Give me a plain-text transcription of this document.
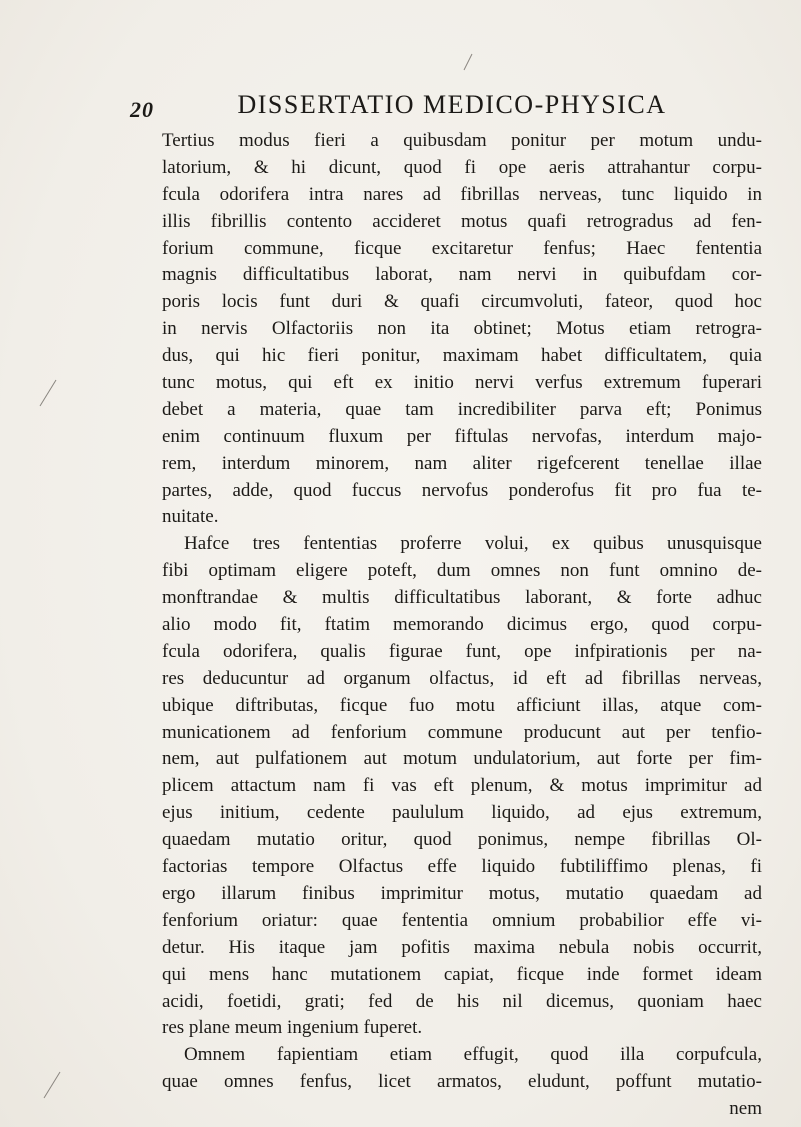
20	DISSERTATIO MEDICO-PHYSICA
Tertius modus fieri a quibusdam ponitur per motum undu-
latorium, & hi dicunt, quod fi ope aeris attrahantur corpu-
fcula odorifera intra nares ad fibrillas nerveas, tunc liquido in
illis fibrillis contento accideret motus quafi retrogradus ad fen-
forium commune, ficque excitaretur fenfus; Haec fententia
magnis difficultatibus laborat, nam nervi in quibufdam cor-
poris locis funt duri & quafi circumvoluti, fateor, quod hoc
in nervis Olfactoriis non ita obtinet; Motus etiam retrogra-
dus, qui hic fieri ponitur, maximam habet difficultatem, quia
tunc motus, qui eft ex initio nervi verfus extremum fuperari
debet a materia, quae tam incredibiliter parva eft; Ponimus
enim continuum fluxum per fiftulas nervofas, interdum majo-
rem, interdum minorem, nam aliter rigefcerent tenellae illae
partes, adde, quod fuccus nervofus ponderofus fit pro fua te-
nuitate.
Hafce tres fententias proferre volui, ex quibus unusquisque
fibi optimam eligere poteft, dum omnes non funt omnino de-
monftrandae & multis difficultatibus laborant, & forte adhuc
alio modo fit, ftatim memorando dicimus ergo, quod corpu-
fcula odorifera, qualis figurae funt, ope infpirationis per na-
res deducuntur ad organum olfactus, id eft ad fibrillas nerveas,
ubique diftributas, ficque fuo motu afficiunt illas, atque com-
municationem ad fenforium commune producunt aut per tenfio-
nem, aut pulfationem aut motum undulatorium, aut forte per fim-
plicem attactum nam fi vas eft plenum, & motus imprimitur ad
ejus initium, cedente paululum liquido, ad ejus extremum,
quaedam mutatio oritur, quod ponimus, nempe fibrillas Ol-
factorias tempore Olfactus effe liquido fubtiliffimo plenas, fi
ergo illarum finibus imprimitur motus, mutatio quaedam ad
fenforium oriatur: quae fententia omnium probabilior effe vi-
detur. His itaque jam pofitis maxima nebula nobis occurrit,
qui mens hanc mutationem capiat, ficque inde formet ideam
acidi, foetidi, grati; fed de his nil dicemus, quoniam haec
res plane meum ingenium fuperet.
Omnem fapientiam etiam effugit, quod illa corpufcula,
quae omnes fenfus, licet armatos, eludunt, poffunt mutatio-
nem
